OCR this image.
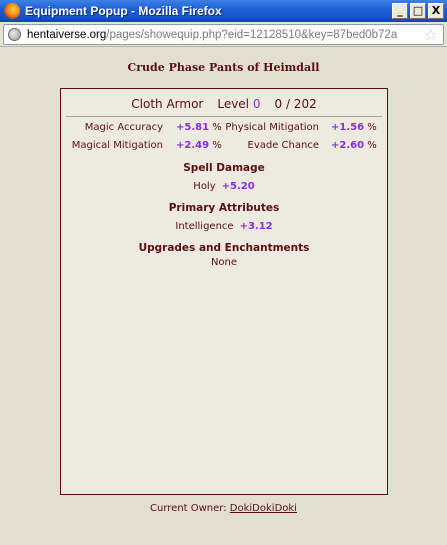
Equipment Popup - Mozilla Firefox	_ □ X
hentaiverse.org/pages/showequip.php?eid=12128510&key=87bed0b72a ☆
Crude Phase Pants of Heimdall
Cloth Armor Level 0 0 / 202
Magic Accuracy +5.81 % Physical Mitigation +1.56 %
Magical Mitigation +2.49 %	Evade Chance +2.60 %
Spell Damage
Holy +5.20
Primary Attributes
Intelligence +3.12
Upgrades and Enchantments
None
Current Owner: DokiDokiDoki
